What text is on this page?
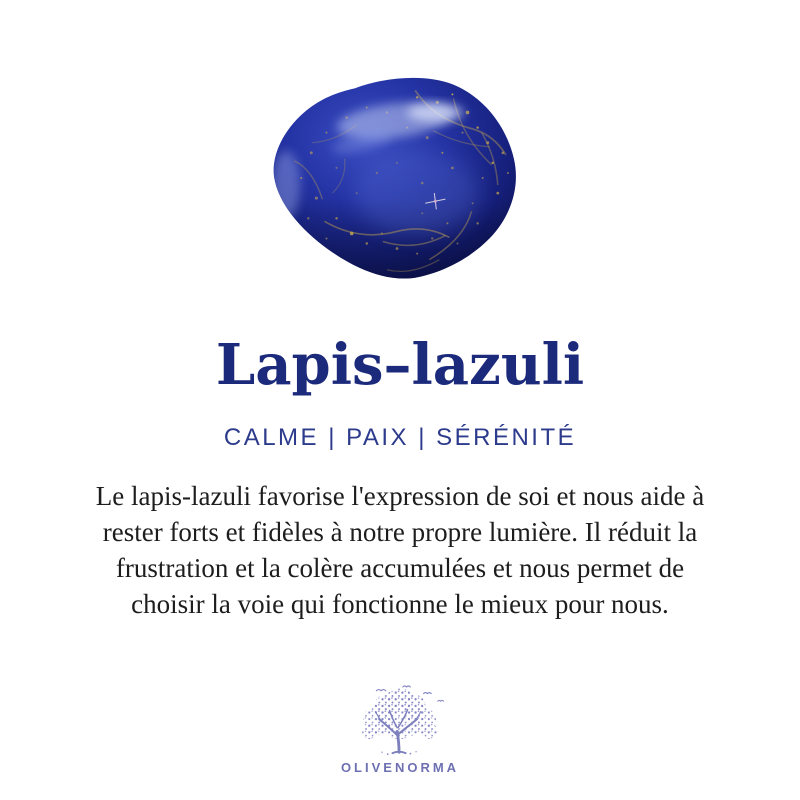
Lapis–lazuli
CALME | PAIX | SÉRÉNITÉ
Le lapis-lazuli favorise l'expression de soi et nous aide à
rester forts et fidèles à notre propre lumière. Il réduit la
frustration et la colère accumulées et nous permet de
choisir la voie qui fonctionne le mieux pour nous.
OLIVENORMA
